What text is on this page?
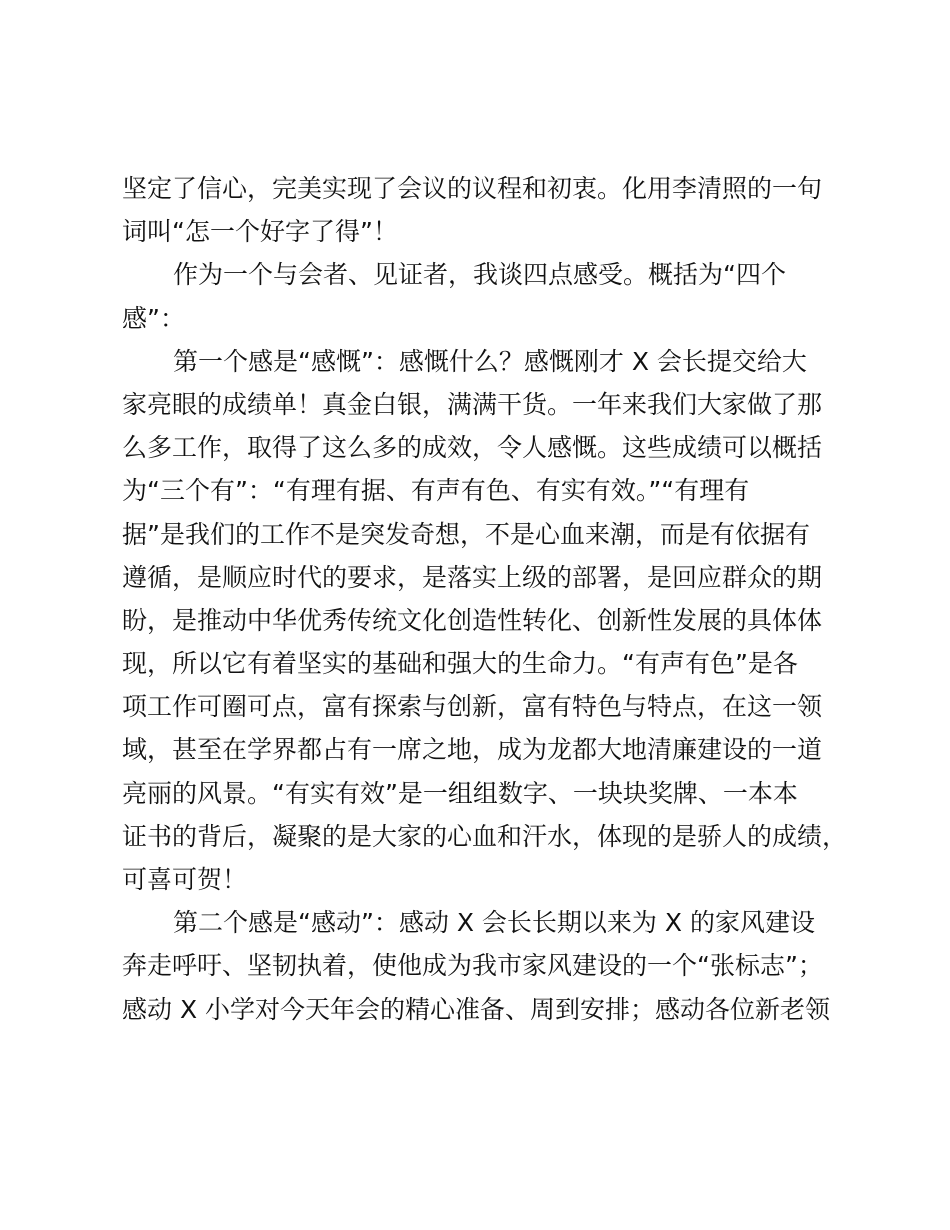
坚定了信心，完美实现了会议的议程和初衷。化用李清照的一句
词叫“怎一个好字了得”！
作为一个与会者、见证者，我谈四点感受。概括为“四个
感”：
第一个感是“感慨”：感慨什么？感慨刚才 X 会长提交给大
家亮眼的成绩单！真金白银，满满干货。一年来我们大家做了那
么多工作，取得了这么多的成效，令人感慨。这些成绩可以概括
为“三个有”：“有理有据、有声有色、有实有效。”“有理有
据”是我们的工作不是突发奇想，不是心血来潮，而是有依据有
遵循，是顺应时代的要求，是落实上级的部署，是回应群众的期
盼，是推动中华优秀传统文化创造性转化、创新性发展的具体体
现，所以它有着坚实的基础和强大的生命力。“有声有色”是各
项工作可圈可点，富有探索与创新，富有特色与特点，在这一领
域，甚至在学界都占有一席之地，成为龙都大地清廉建设的一道
亮丽的风景。“有实有效”是一组组数字、一块块奖牌、一本本
证书的背后，凝聚的是大家的心血和汗水，体现的是骄人的成绩，
可喜可贺！
第二个感是“感动”：感动 X 会长长期以来为 X 的家风建设
奔走呼吁、坚韧执着，使他成为我市家风建设的一个“张标志”；
感动 X 小学对今天年会的精心准备、周到安排；感动各位新老领
